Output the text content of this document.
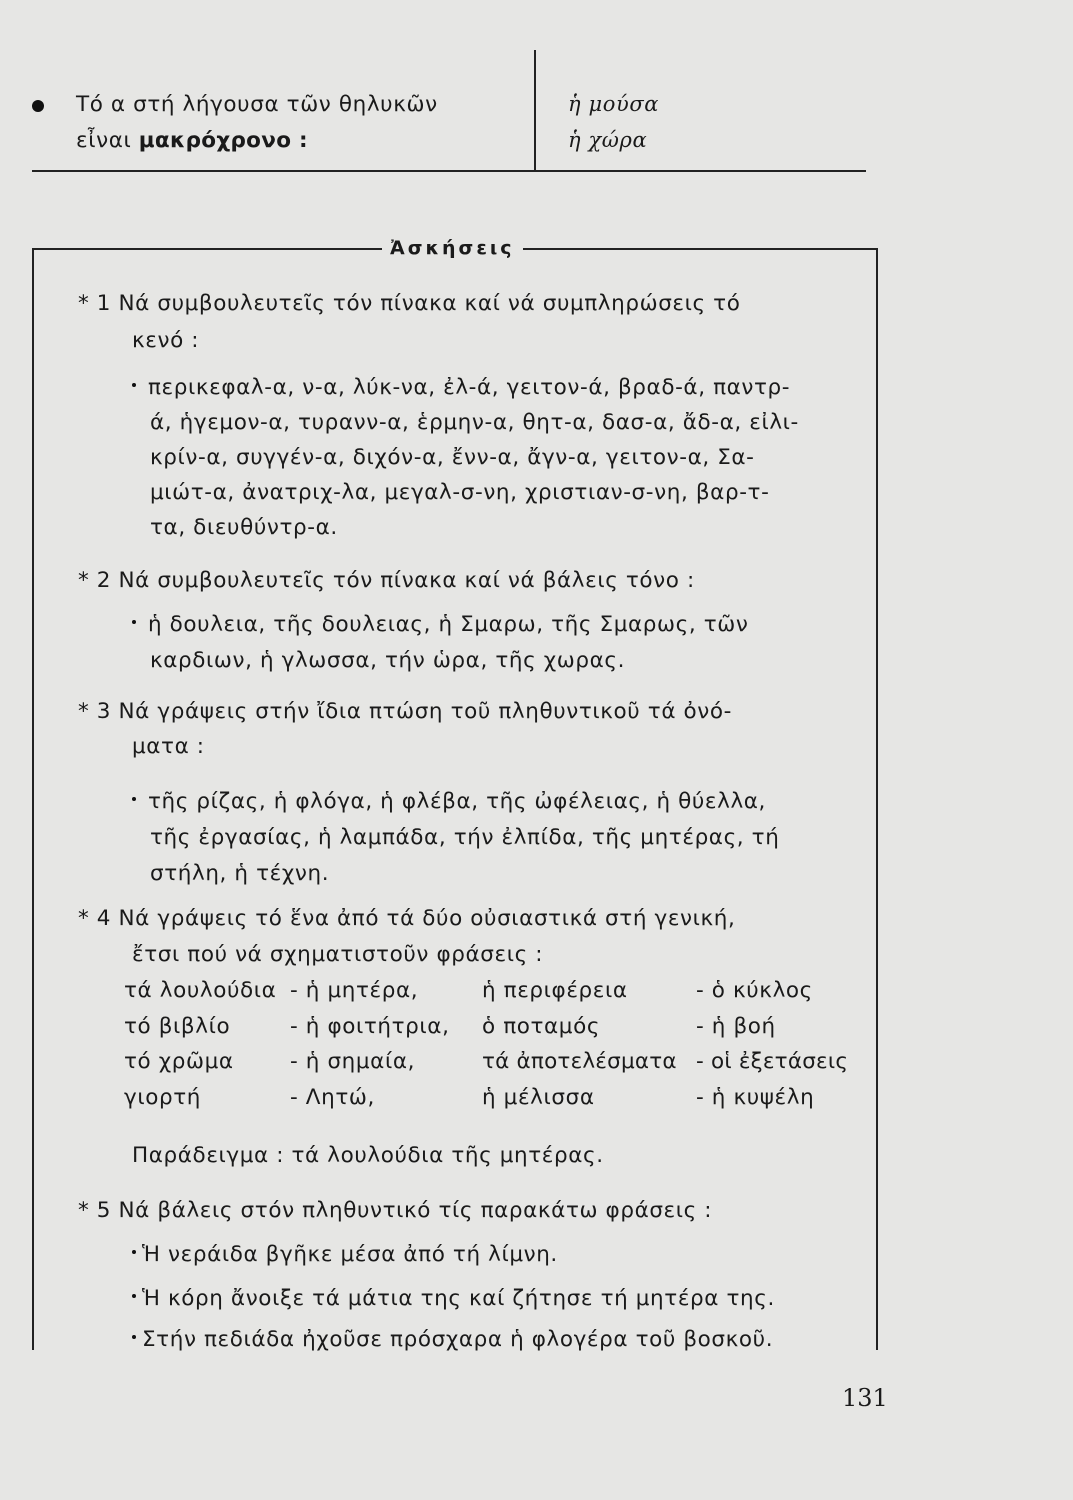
Τό α στή λήγουσα τῶν θηλυκῶν
εἶναι μακρόχρονο :
ἡ μούσα
ἡ χώρα
Ἀσκήσεις
* 1 Νά συμβουλευτεῖς τόν πίνακα καί νά συμπληρώσεις τό
κενό :
περικεφαλ-α, ν-α, λύκ-να, ἐλ-ά, γειτον-ά, βραδ-ά, παντρ-
ά, ἡγεμον-α, τυρανν-α, ἑρμην-α, θητ-α, δασ-α, ἄδ-α, εἰλι-
κρίν-α, συγγέν-α, διχόν-α, ἔνν-α, ἄγν-α, γειτον-α, Σα-
μιώτ-α, ἀνατριχ-λα, μεγαλ-σ-νη, χριστιαν-σ-νη, βαρ-τ-
τα, διευθύντρ-α.
* 2 Νά συμβουλευτεῖς τόν πίνακα καί νά βάλεις τόνο :
ἡ δουλεια, τῆς δουλειας, ἡ Σμαρω, τῆς Σμαρως, τῶν
καρδιων, ἡ γλωσσα, τήν ὡρα, τῆς χωρας.
* 3 Νά γράψεις στήν ἴδια πτώση τοῦ πληθυντικοῦ τά ὀνό-
ματα :
τῆς ρίζας, ἡ φλόγα, ἡ φλέβα, τῆς ὠφέλειας, ἡ θύελλα,
τῆς ἐργασίας, ἡ λαμπάδα, τήν ἐλπίδα, τῆς μητέρας, τή
στήλη, ἡ τέχνη.
* 4 Νά γράψεις τό ἕνα ἀπό τά δύο οὐσιαστικά στή γενική,
ἔτσι πού νά σχηματιστοῦν φράσεις :
τά λουλούδια - ἡ μητέρα,	ἡ περιφέρεια	- ὁ κύκλος
τό βιβλίο	- ἡ φοιτήτρια, ὁ ποταμός	- ἡ βοή
τό χρῶμα	- ἡ σημαία,	τά ἀποτελέσματα - οἱ ἐξετάσεις
γιορτή	- Λητώ,	ἡ μέλισσα	- ἡ κυψέλη
Παράδειγμα : τά λουλούδια τῆς μητέρας.
* 5 Νά βάλεις στόν πληθυντικό τίς παρακάτω φράσεις :
Ἡ νεράιδα βγῆκε μέσα ἀπό τή λίμνη.
Ἡ κόρη ἄνοιξε τά μάτια της καί ζήτησε τή μητέρα της.
Στήν πεδιάδα ἠχοῦσε πρόσχαρα ἡ φλογέρα τοῦ βοσκοῦ.
131
